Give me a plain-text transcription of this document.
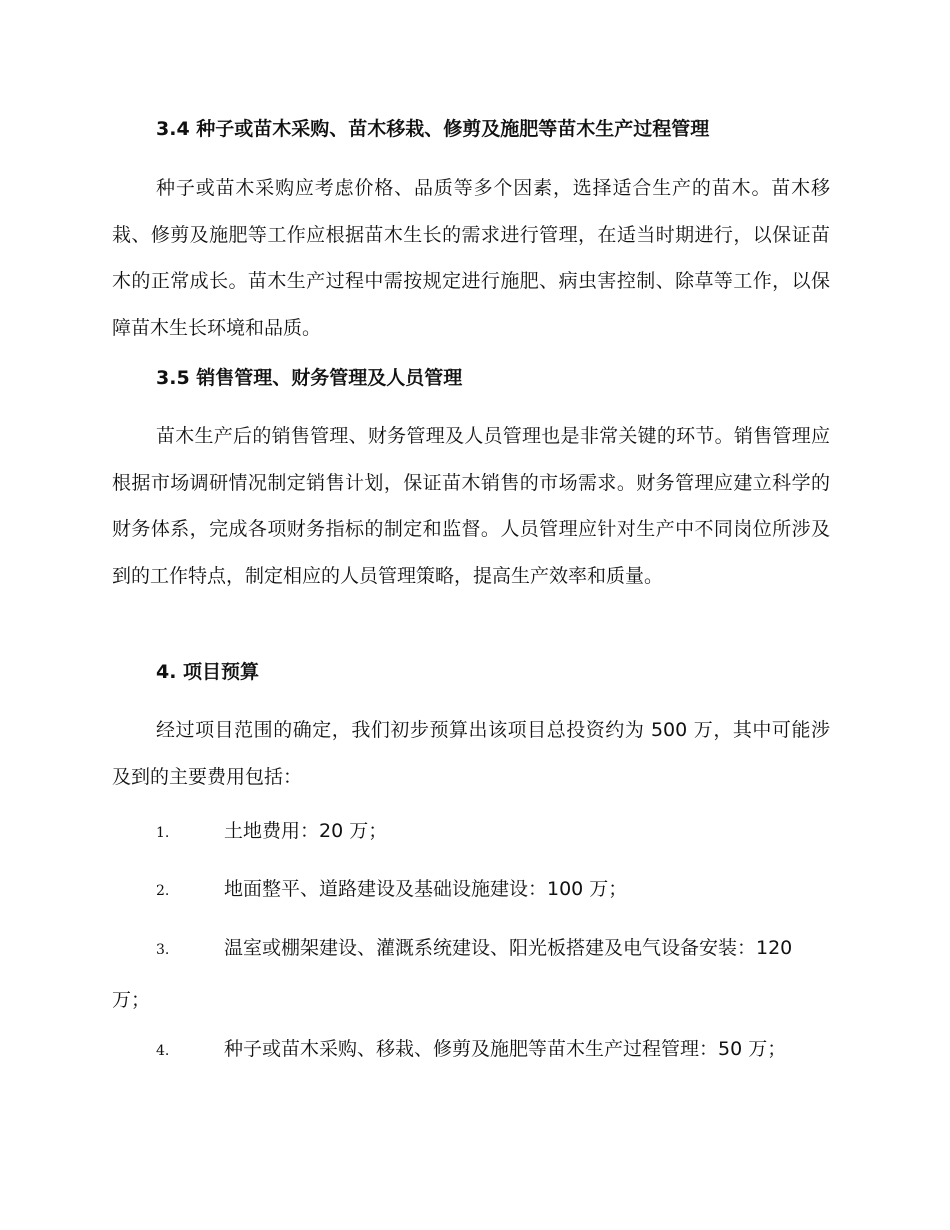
3.4 种子或苗木采购、苗木移栽、修剪及施肥等苗木生产过程管理

种子或苗木采购应考虑价格、品质等多个因素，选择适合生产的苗木。苗木移栽、修剪及施肥等工作应根据苗木生长的需求进行管理，在适当时期进行，以保证苗木的正常成长。苗木生产过程中需按规定进行施肥、病虫害控制、除草等工作，以保障苗木生长环境和品质。

3.5 销售管理、财务管理及人员管理

苗木生产后的销售管理、财务管理及人员管理也是非常关键的环节。销售管理应根据市场调研情况制定销售计划，保证苗木销售的市场需求。财务管理应建立科学的财务体系，完成各项财务指标的制定和监督。人员管理应针对生产中不同岗位所涉及到的工作特点，制定相应的人员管理策略，提高生产效率和质量。

4. 项目预算

经过项目范围的确定，我们初步预算出该项目总投资约为 500 万，其中可能涉及到的主要费用包括：

1.	土地费用：20 万；

2.	地面整平、道路建设及基础设施建设：100 万；

3.	温室或棚架建设、灌溉系统建设、阳光板搭建及电气设备安装：120 万；

4.	种子或苗木采购、移栽、修剪及施肥等苗木生产过程管理：50 万；
